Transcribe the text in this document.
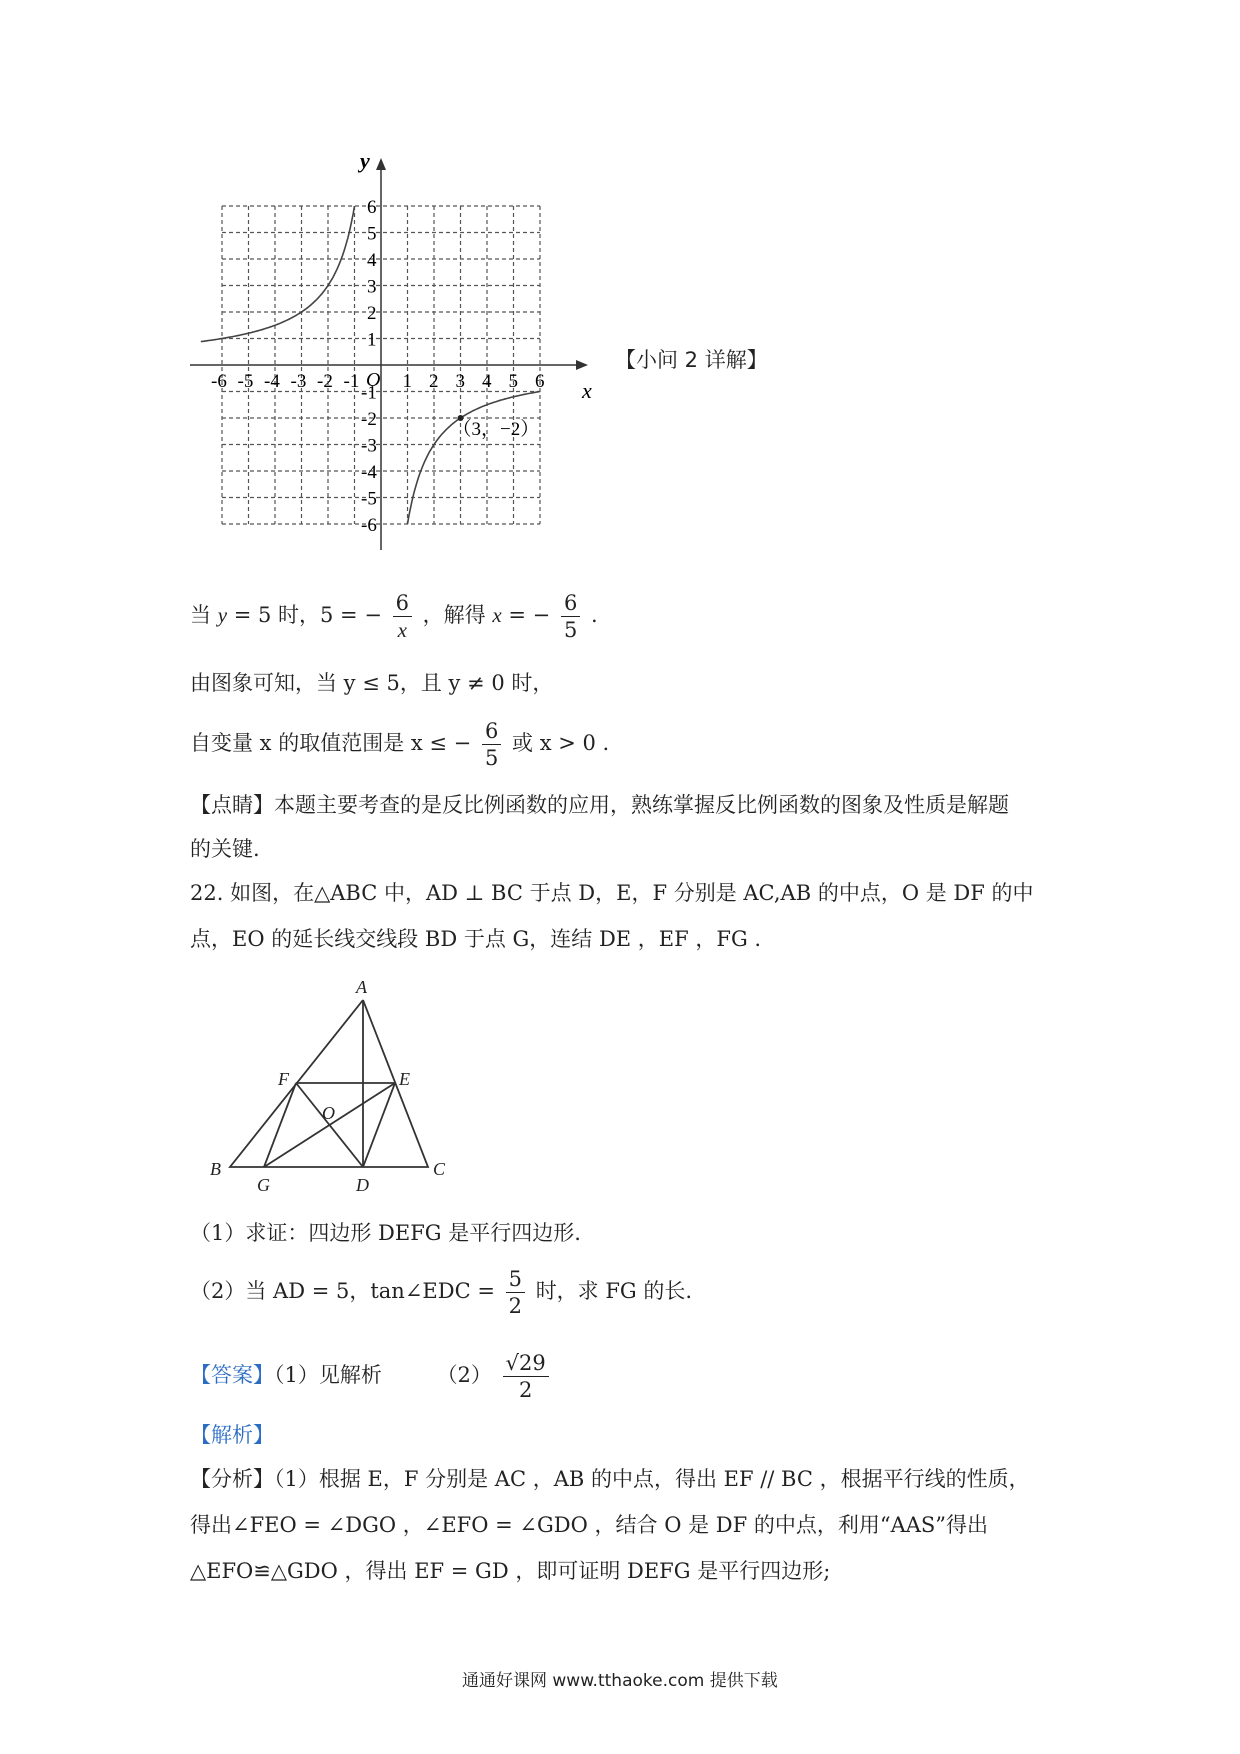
y
x
O
-6 -5 -4 -3 -2 -1 1 2 3 4 5 6
6
5
4
3
2
1
-1
-2
-3
-4
-5
-6
（3，−2）
【小问 2 详解】
当 y = 5 时，5 = − $\frac{6}{x}$ ，解得 x = − $\frac{6}{5}$ .
由图象可知，当 y ≤ 5，且 y ≠ 0 时，
自变量 x 的取值范围是 x ≤ − $\frac{6}{5}$ 或 x > 0 .
【点睛】本题主要考查的是反比例函数的应用，熟练掌握反比例函数的图象及性质是解题
的关键.
22. 如图，在△ABC 中，AD ⊥ BC 于点 D，E，F 分别是 AC,AB 的中点，O 是 DF 的中
点，EO 的延长线交线段 BD 于点 G，连结 DE ，EF ，FG .
A
B	C
D
E
F
G
O
（1）求证：四边形 DEFG 是平行四边形.
（2）当 AD = 5，tan∠EDC = $\frac{5}{2}$ 时，求 FG 的长.
【答案】（1）见解析	$(2) \frac{√29}{2}$
【解析】
【分析】（1）根据 E，F 分别是 AC ，AB 的中点，得出 EF // BC ，根据平行线的性质，
得出∠FEO = ∠DGO ，∠EFO = ∠GDO ，结合 O 是 DF 的中点，利用“AAS”得出
△EFO≌△GDO ，得出 EF = GD ，即可证明 DEFG 是平行四边形;
通通好课网 www.tthaoke.com 提供下载
